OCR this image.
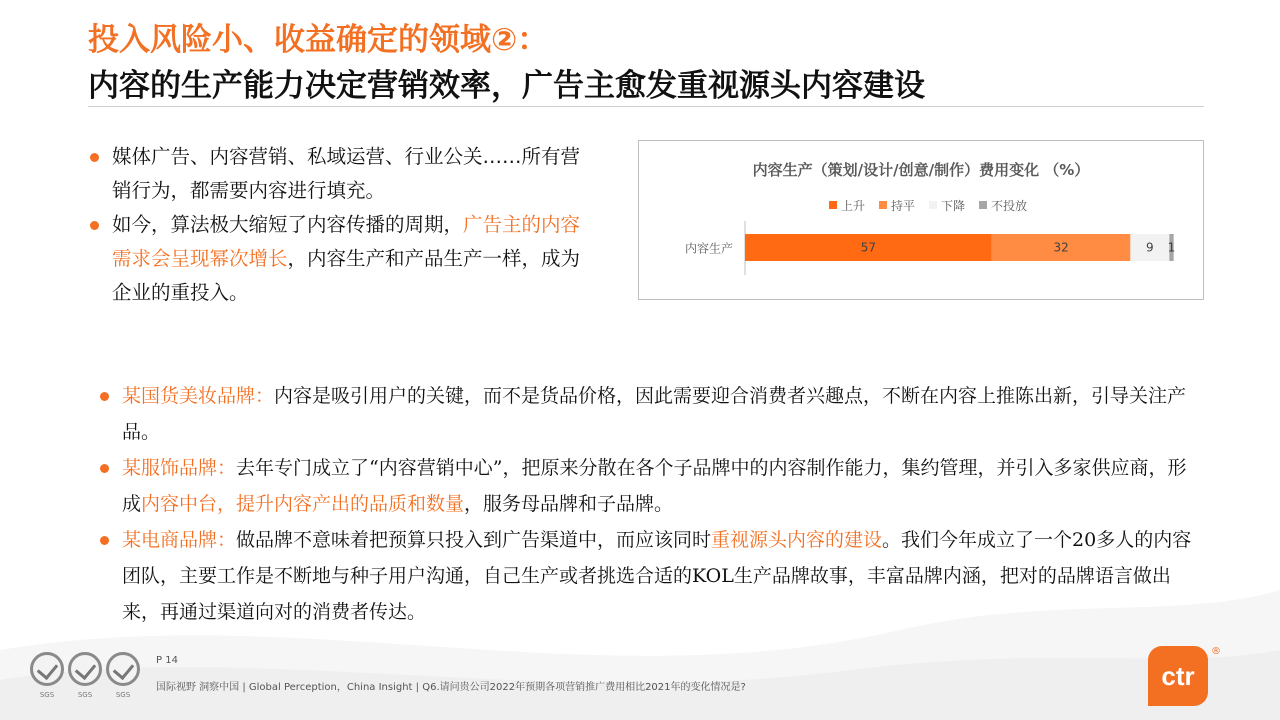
投入风险小、收益确定的领域②：
内容的生产能力决定营销效率，广告主愈发重视源头内容建设
媒体广告、内容营销、私域运营、行业公关……所有营销行为，都需要内容进行填充。
如今，算法极大缩短了内容传播的周期，广告主的内容需求会呈现幂次增长，内容生产和产品生产一样，成为企业的重投入。
内容生产（策划/设计/创意/制作）费用变化 （%）
上升 持平 下降 不投放
内容生产	57	32	9 1
某国货美妆品牌：内容是吸引用户的关键，而不是货品价格，因此需要迎合消费者兴趣点，不断在内容上推陈出新，引导关注产品。
某服饰品牌：去年专门成立了“内容营销中心”，把原来分散在各个子品牌中的内容制作能力，集约管理，并引入多家供应商，形成内容中台，提升内容产出的品质和数量，服务母品牌和子品牌。
某电商品牌：做品牌不意味着把预算只投入到广告渠道中，而应该同时重视源头内容的建设。我们今年成立了一个20多人的内容团队，主要工作是不断地与种子用户沟通，自己生产或者挑选合适的KOL生产品牌故事，丰富品牌内涵，把对的品牌语言做出来，再通过渠道向对的消费者传达。
SGS	SGS	SGS
P 14
国际视野 洞察中国 | Global Perception，China Insight | Q6.请问贵公司2022年预期各项营销推广费用相比2021年的变化情况是?	ctr
®
